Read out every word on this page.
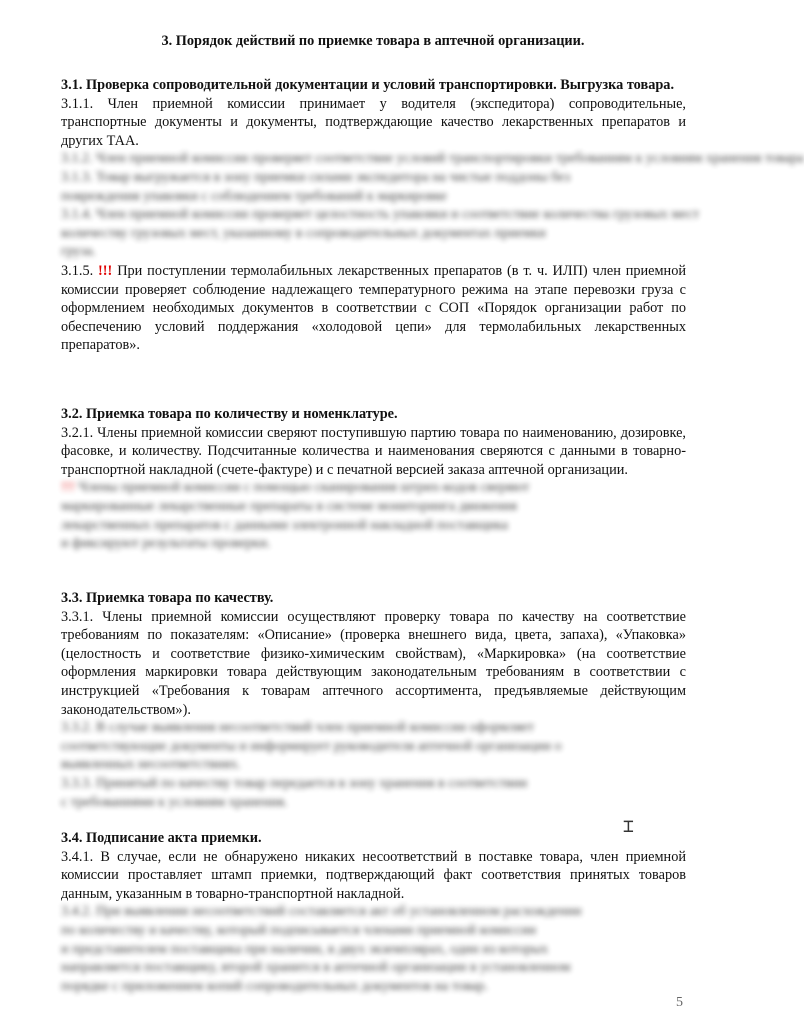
3. Порядок действий по приемке товара в аптечной организации.

3.1. Проверка сопроводительной документации и условий транспортировки. Выгрузка товара.

3.1.1. Член приемной комиссии принимает у водителя (экспедитора) сопроводительные, транспортные документы и документы, подтверждающие качество лекарственных препаратов и других ТАА.

3.1.2. Член приемной комиссии проверяет соответствие условий транспортировки требованиям к условиям хранения товара
3.1.3. Товар выгружается в зону приемки силами экспедитора на чистые поддоны без
повреждения упаковки с соблюдением требований к маркировке
3.1.4. Член приемной комиссии проверяет целостность упаковки и соответствие количества грузовых мест
количеству грузовых мест, указанному в сопроводительных документах приемки
груза.

3.1.5. !!! При поступлении термолабильных лекарственных препаратов (в т. ч. ИЛП) член приемной комиссии проверяет соблюдение надлежащего температурного режима на этапе перевозки груза с оформлением необходимых документов в соответствии с СОП «Порядок организации работ по обеспечению условий поддержания «холодовой цепи» для термолабильных лекарственных препаратов».

3.2. Приемка товара по количеству и номенклатуре.

3.2.1. Члены приемной комиссии сверяют поступившую партию товара по наименованию, дозировке, фасовке, и количеству. Подсчитанные количества и наименования сверяются с данными в товарно-транспортной накладной (счете-фактуре) и с печатной версией заказа аптечной организации.

!!! Члены приемной комиссии с помощью сканирования штрих-кодов сверяют
маркированные лекарственные препараты в системе мониторинга движения
лекарственных препаратов с данными электронной накладной поставщика
и фиксируют результаты проверки.

3.3. Приемка товара по качеству.

3.3.1. Члены приемной комиссии осуществляют проверку товара по качеству на соответствие требованиям по показателям: «Описание» (проверка внешнего вида, цвета, запаха), «Упаковка» (целостность и соответствие физико-химическим свойствам), «Маркировка» (на соответствие оформления маркировки товара действующим законодательным требованиям в соответствии с инструкцией «Требования к товарам аптечного ассортимента, предъявляемые действующим законодательством»).

3.3.2. В случае выявления несоответствий член приемной комиссии оформляет
соответствующие документы и информирует руководителя аптечной организации о
выявленных несоответствиях.
3.3.3. Принятый по качеству товар передается в зону хранения в соответствии
с требованиями к условиям хранения.

3.4. Подписание акта приемки.

3.4.1. В случае, если не обнаружено никаких несоответствий в поставке товара, член приемной комиссии проставляет штамп приемки, подтверждающий факт соответствия принятых товаров данным, указанным в товарно-транспортной накладной.

3.4.2. При выявлении несоответствий составляется акт об установленном расхождении
по количеству и качеству, который подписывается членами приемной комиссии
и представителем поставщика при наличии, в двух экземплярах, один из которых
направляется поставщику, второй хранится в аптечной организации в установленном
порядке с приложением копий сопроводительных документов на товар.
⌶
5
